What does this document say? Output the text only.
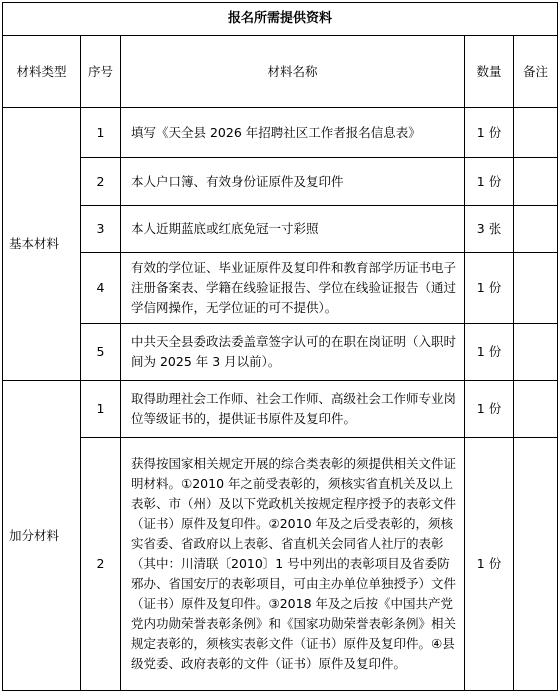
报名所需提供资料				
材料类型	序号	材料名称	数量	备注
基本材料	1	填写《天全县 2026 年招聘社区工作者报名信息表》	1 份	
	2	本人户口簿、有效身份证原件及复印件	1 份	
	3	本人近期蓝底或红底免冠一寸彩照	3 张	
	4	有效的学位证、毕业证原件及复印件和教育部学历证书电子注册备案表、学籍在线验证报告、学位在线验证报告（通过学信网操作，无学位证的可不提供）。	1 份	
	5	中共天全县委政法委盖章签字认可的在职在岗证明（入职时间为 2025 年 3 月以前）。	1 份	
加分材料	1	取得助理社会工作师、社会工作师、高级社会工作师专业岗位等级证书的，提供证书原件及复印件。	1 份	
	2	获得按国家相关规定开展的综合类表彰的须提供相关文件证明材料。①2010 年之前受表彰的，须核实省直机关及以上表彰、市（州）及以下党政机关按规定程序授予的表彰文件（证书）原件及复印件。②2010 年及之后受表彰的，须核实省委、省政府以上表彰、省直机关会同省人社厅的表彰（其中：川清联〔2010〕1 号中列出的表彰项目及省委防邪办、省国安厅的表彰项目，可由主办单位单独授予）文件（证书）原件及复印件。③2018 年及之后按《中国共产党党内功勋荣誉表彰条例》和《国家功勋荣誉表彰条例》相关规定表彰的，须核实表彰文件（证书）原件及复印件。④县级党委、政府表彰的文件（证书）原件及复印件。	1 份	
